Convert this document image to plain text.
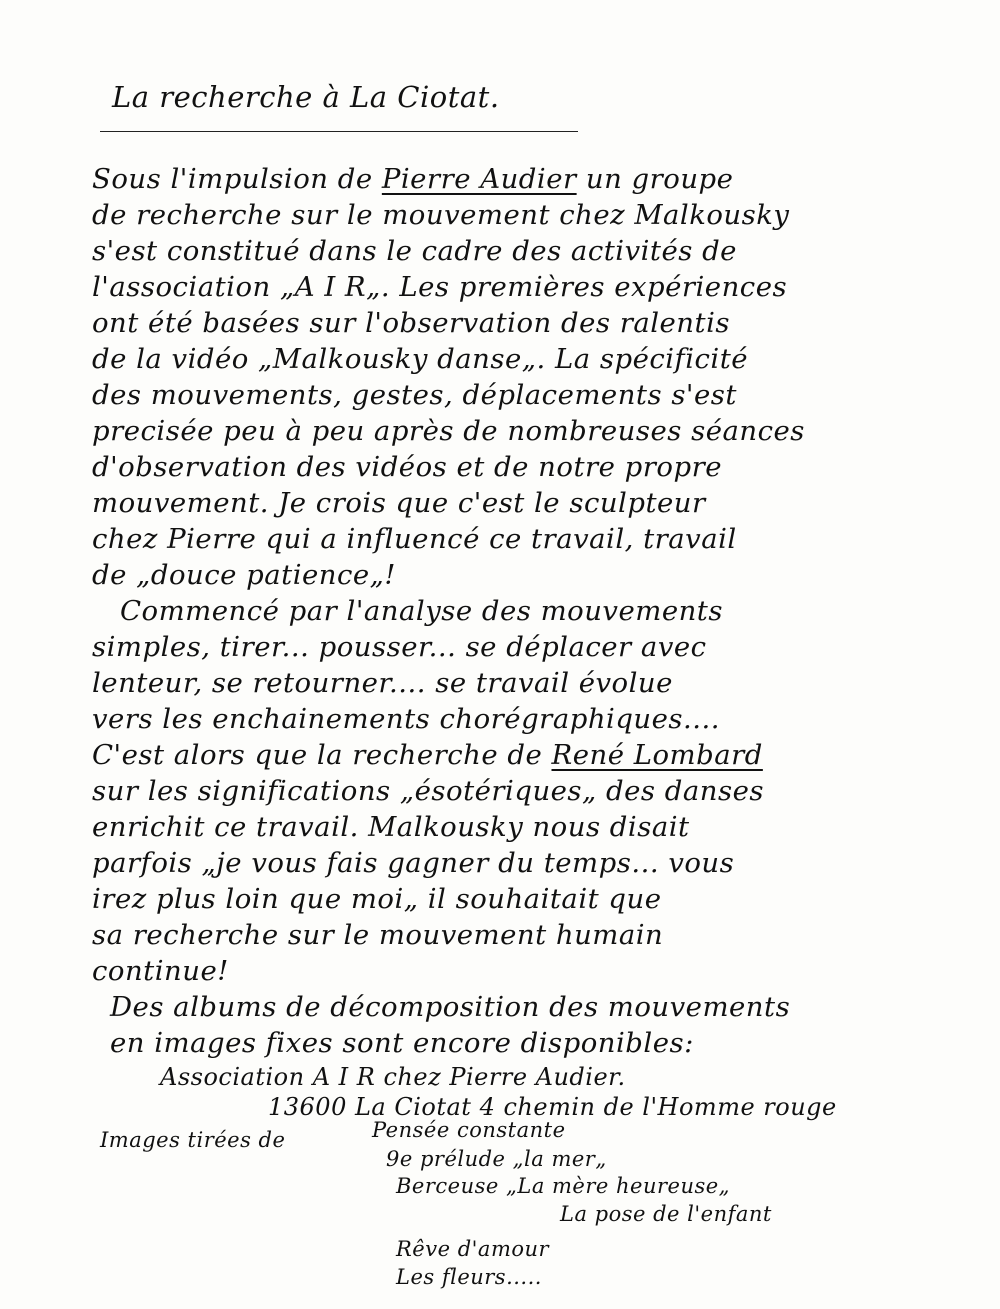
La recherche à La Ciotat.
Sous l'impulsion de Pierre Audier un groupe
de recherche sur le mouvement chez Malkousky
s'est constitué dans le cadre des activités de
l'association „A I R„. Les premières expériences
ont été basées sur l'observation des ralentis
de la vidéo „Malkousky danse„. La spécificité
des mouvements, gestes, déplacements s'est
precisée peu à peu après de nombreuses séances
d'observation des vidéos et de notre propre
mouvement. Je crois que c'est le sculpteur
chez Pierre qui a influencé ce travail, travail
de „douce patience„!
Commencé par l'analyse des mouvements
simples, tirer... pousser... se déplacer avec
lenteur, se retourner.... se travail évolue
vers les enchainements chorégraphiques....
C'est alors que la recherche de René Lombard
sur les significations „ésotériques„ des danses
enrichit ce travail. Malkousky nous disait
parfois „je vous fais gagner du temps... vous
irez plus loin que moi„ il souhaitait que
sa recherche sur le mouvement humain
continue!
Des albums de décomposition des mouvements
en images fixes sont encore disponibles:
Association A I R chez Pierre Audier.
13600 La Ciotat 4 chemin de l'Homme rouge
Images tirées de	Pensée constante
9e prélude „la mer„
Berceuse „La mère heureuse„
La pose de l'enfant
Rêve d'amour
Les fleurs.....
